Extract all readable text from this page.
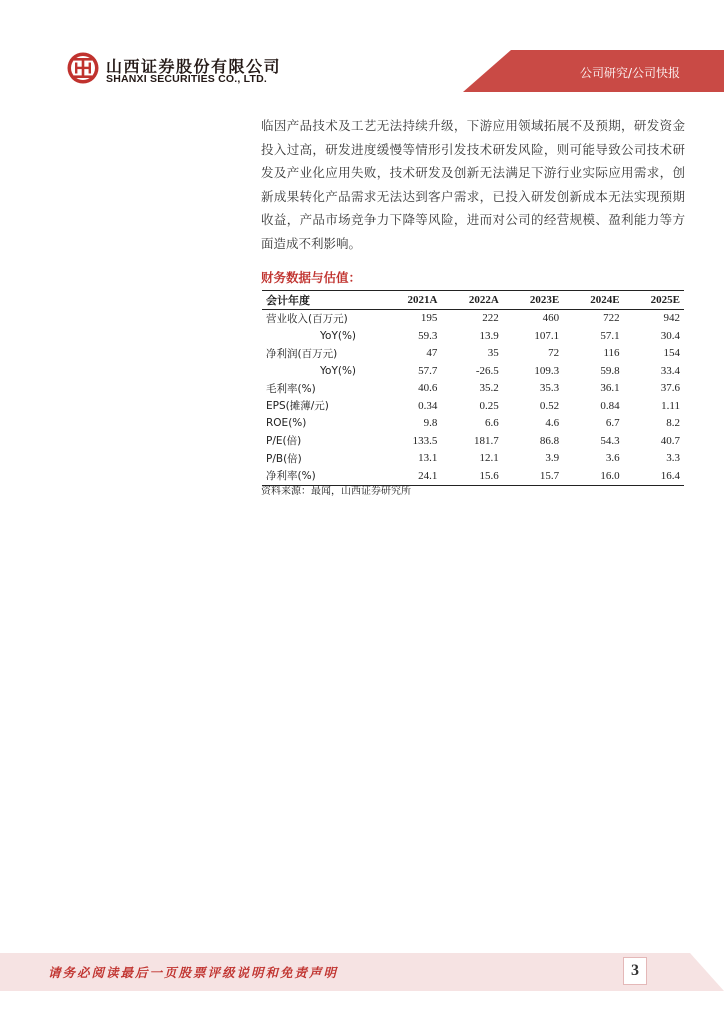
山西证券股份有限公司
SHANXI SECURITIES CO., LTD.	公司研究/公司快报

临因产品技术及工艺无法持续升级，下游应用领域拓展不及预期，研发资金投入过高，研发进度缓慢等情形引发技术研发风险，则可能导致公司技术研发及产业化应用失败，技术研发及创新无法满足下游行业实际应用需求，创新成果转化产品需求无法达到客户需求，已投入研发创新成本无法实现预期收益，产品市场竞争力下降等风险，进而对公司的经营规模、盈利能力等方面造成不利影响。

财务数据与估值：
会计年度	2021A	2022A	2023E	2024E	2025E
营业收入(百万元)	195	222	460	722	942
YoY(%)	59.3	13.9	107.1	57.1	30.4
净利润(百万元)	47	35	72	116	154
YoY(%)	57.7	-26.5	109.3	59.8	33.4
毛利率(%)	40.6	35.2	35.3	36.1	37.6
EPS(摊薄/元)	0.34	0.25	0.52	0.84	1.11
ROE(%)	9.8	6.6	4.6	6.7	8.2
P/E(倍)	133.5	181.7	86.8	54.3	40.7
P/B(倍)	13.1	12.1	3.9	3.6	3.3
净利率(%)	24.1	15.6	15.7	16.0	16.4
资料来源：最闻，山西证券研究所
请务必阅读最后一页股票评级说明和免责声明	3
